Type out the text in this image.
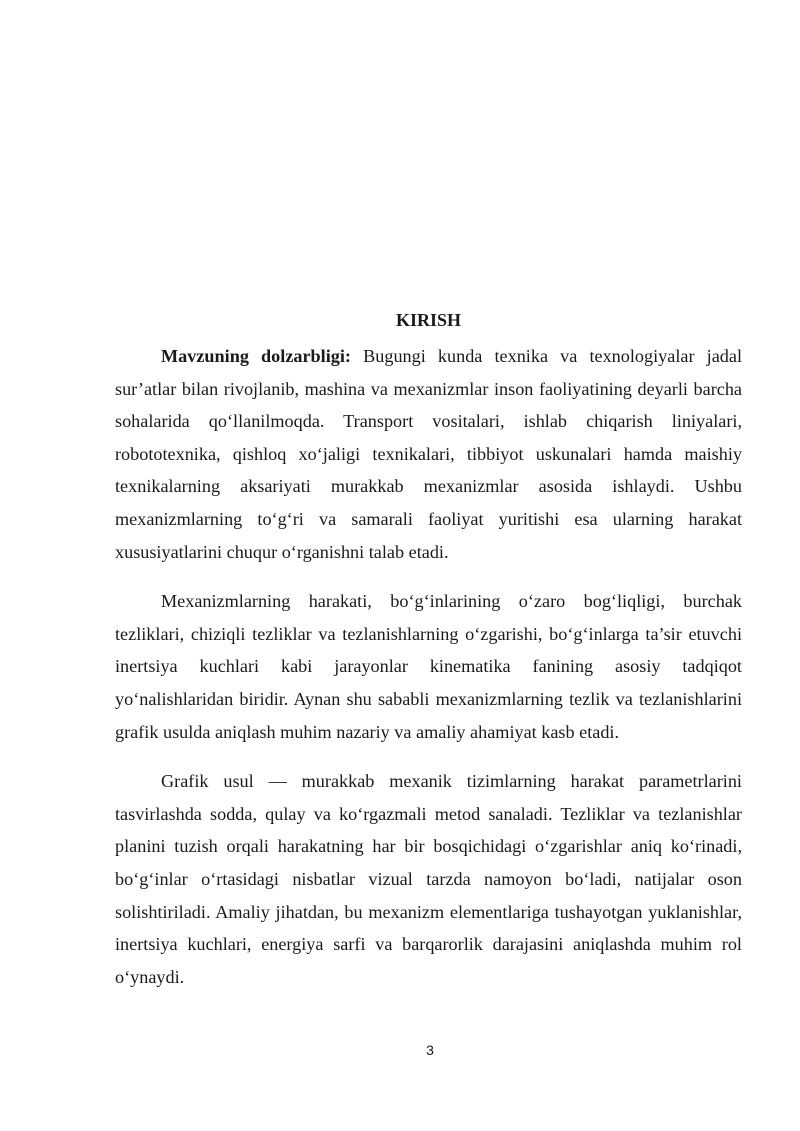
KIRISH

Mavzuning dolzarbligi: Bugungi kunda texnika va texnologiyalar jadal sur’atlar bilan rivojlanib, mashina va mexanizmlar inson faoliyatining deyarli barcha sohalarida qo‘llanilmoqda. Transport vositalari, ishlab chiqarish liniyalari, robototexnika, qishloq xo‘jaligi texnikalari, tibbiyot uskunalari hamda maishiy texnikalarning aksariyati murakkab mexanizmlar asosida ishlaydi. Ushbu mexanizmlarning to‘g‘ri va samarali faoliyat yuritishi esa ularning harakat xususiyatlarini chuqur o‘rganishni talab etadi.

Mexanizmlarning harakati, bo‘g‘inlarining o‘zaro bog‘liqligi, burchak tezliklari, chiziqli tezliklar va tezlanishlarning o‘zgarishi, bo‘g‘inlarga ta’sir etuvchi inertsiya kuchlari kabi jarayonlar kinematika fanining asosiy tadqiqot yo‘nalishlaridan biridir. Aynan shu sababli mexanizmlarning tezlik va tezlanishlarini grafik usulda aniqlash muhim nazariy va amaliy ahamiyat kasb etadi.

Grafik usul — murakkab mexanik tizimlarning harakat parametrlarini tasvirlashda sodda, qulay va ko‘rgazmali metod sanaladi. Tezliklar va tezlanishlar planini tuzish orqali harakatning har bir bosqichidagi o‘zgarishlar aniq ko‘rinadi, bo‘g‘inlar o‘rtasidagi nisbatlar vizual tarzda namoyon bo‘ladi, natijalar oson solishtiriladi. Amaliy jihatdan, bu mexanizm elementlariga tushayotgan yuklanishlar, inertsiya kuchlari, energiya sarfi va barqarorlik darajasini aniqlashda muhim rol o‘ynaydi.

3
